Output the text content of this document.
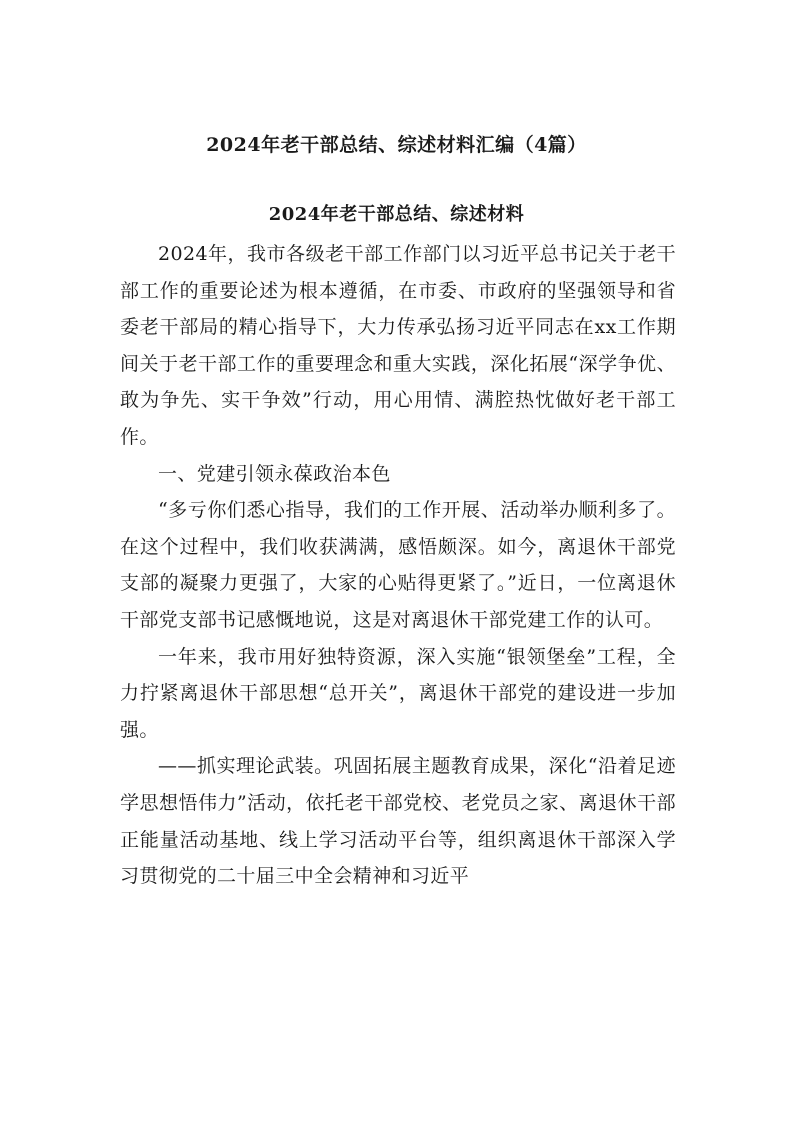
2024年老干部总结、综述材料汇编（4篇）
2024年老干部总结、综述材料

2024年，我市各级老干部工作部门以习近平总书记关于老干部工作的重要论述为根本遵循，在市委、市政府的坚强领导和省委老干部局的精心指导下，大力传承弘扬习近平同志在xx工作期间关于老干部工作的重要理念和重大实践，深化拓展“深学争优、敢为争先、实干争效”行动，用心用情、满腔热忱做好老干部工作。

一、党建引领永葆政治本色

“多亏你们悉心指导，我们的工作开展、活动举办顺利多了。在这个过程中，我们收获满满，感悟颇深。如今，离退休干部党支部的凝聚力更强了，大家的心贴得更紧了。”近日，一位离退休干部党支部书记感慨地说，这是对离退休干部党建工作的认可。

一年来，我市用好独特资源，深入实施“银领堡垒”工程，全力拧紧离退休干部思想“总开关”，离退休干部党的建设进一步加强。

——抓实理论武装。巩固拓展主题教育成果，深化“沿着足迹学思想悟伟力”活动，依托老干部党校、老党员之家、离退休干部正能量活动基地、线上学习活动平台等，组织离退休干部深入学习贯彻党的二十届三中全会精神和习近平
